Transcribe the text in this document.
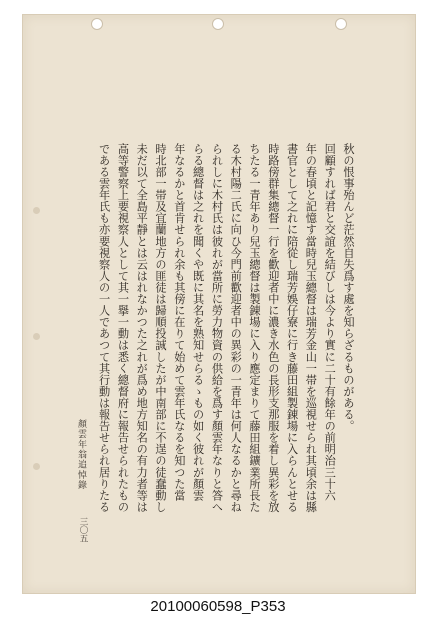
秋の恨事殆んど茫然自失爲す處を知らざるものがある。
回顧すれば君と交誼を結びしは今より實に二十有餘年の前明治三十六
年の春頃と記憶す當時兒玉總督は瑞芳金山一帯を巡視せられ其頃余は縣
書官として之れに陪從し瑞芳娛仔寮に行き藤田組製錬場に入らんとせる
時路傍群集總督一行を歡迎者中に濃き水色の長形支那服を着し異彩を放
ちたる一青年あり兒玉總督は製錬場に入り應定まりて藤田組鑛業所長た
る木村陽二氏に向ひ今門前歡迎者中の異彩の一青年は何人なるかと尋ね
られしに木村氏は彼れが當所に勞力物資の供給を爲す顏雲年なりと答へ
らる總督は之れを聞くや既に其名を熟知せらるゝもの如く彼れが顏雲
年なるかと首肯せられ余も其傍に在りて始めて雲年氏なるを知つた當
時北部一帯及宜蘭地方の匪徒は歸順投誠したが中南部に不逞の徒蠢動し
未だ以て全島平靜とは云はれなかつた之れが爲め地方知名の有力者等は
高等警察上要視察人として其一擧一動は悉く總督府に報告せられたもの
である雲年氏も亦要視察人の一人であつて其行動は報告せられ居りたる
顏雲年翁追悼錄
三〇五
20100060598_P353
